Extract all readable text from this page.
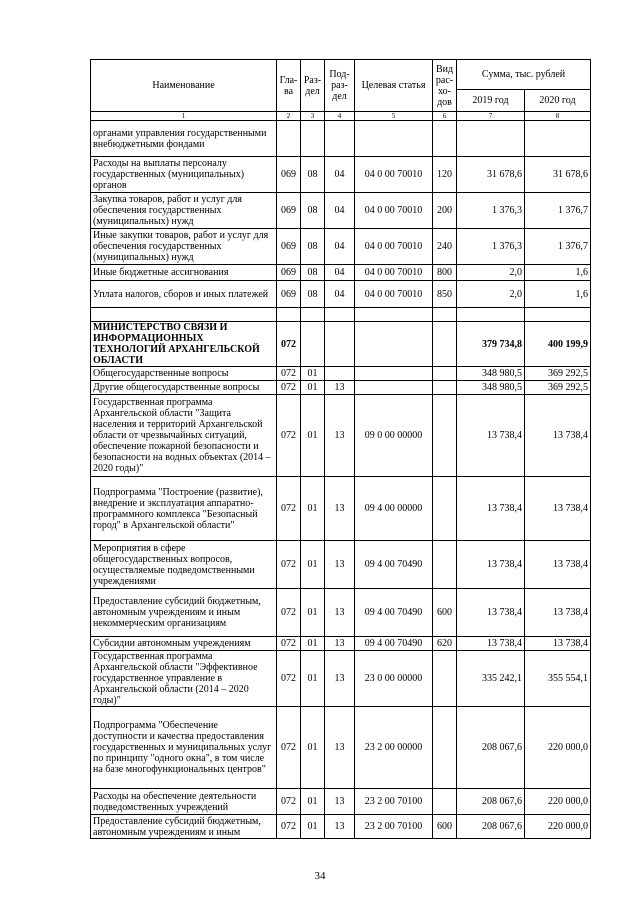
Наименование	Гла-ва	Раз-дел	Под-раз-дел	Целевая статья	Вид рас-хо-дов	Сумма, тыс. рублей	
						2019 год	2020 год
1	2	3	4	5	6	7	8
органами управления государственными внебюджетными фондами							
Расходы на выплаты персоналу государственных (муниципальных) органов	069	08	04	04 0 00 70010	120	31 678,6	31 678,6
Закупка товаров, работ и услуг для обеспечения государственных (муниципальных) нужд	069	08	04	04 0 00 70010	200	1 376,3	1 376,7
Иные закупки товаров, работ и услуг для обеспечения государственных (муниципальных) нужд	069	08	04	04 0 00 70010	240	1 376,3	1 376,7
Иные бюджетные ассигнования	069	08	04	04 0 00 70010	800	2,0	1,6
Уплата налогов, сборов и иных платежей	069	08	04	04 0 00 70010	850	2,0	1,6

МИНИСТЕРСТВО СВЯЗИ И ИНФОРМАЦИОННЫХ ТЕХНОЛОГИЙ АРХАНГЕЛЬСКОЙ ОБЛАСТИ	072					379 734,8	400 199,9
Общегосударственные вопросы	072	01				348 980,5	369 292,5
Другие общегосударственные вопросы	072	01	13			348 980,5	369 292,5
Государственная программа Архангельской области "Защита населения и территорий Архангельской области от чрезвычайных ситуаций, обеспечение пожарной безопасности и безопасности на водных объектах (2014 – 2020 годы)"	072	01	13	09 0 00 00000		13 738,4	13 738,4
Подпрограмма "Построение (развитие), внедрение и эксплуатация аппаратно-программного комплекса "Безопасный город" в Архангельской области"	072	01	13	09 4 00 00000		13 738,4	13 738,4
Мероприятия в сфере общегосударственных вопросов, осуществляемые подведомственными учреждениями	072	01	13	09 4 00 70490		13 738,4	13 738,4
Предоставление субсидий бюджетным, автономным учреждениям и иным некоммерческим организациям	072	01	13	09 4 00 70490	600	13 738,4	13 738,4
Субсидии автономным учреждениям	072	01	13	09 4 00 70490	620	13 738,4	13 738,4
Государственная программа Архангельской области "Эффективное государственное управление в Архангельской области (2014 – 2020 годы)"	072	01	13	23 0 00 00000		335 242,1	355 554,1
Подпрограмма "Обеспечение доступности и качества предоставления государственных и муниципальных услуг по принципу "одного окна", в том числе на базе многофункциональных центров"	072	01	13	23 2 00 00000		208 067,6	220 000,0
Расходы на обеспечение деятельности подведомственных учреждений	072	01	13	23 2 00 70100		208 067,6	220 000,0
Предоставление субсидий бюджетным, автономным учреждениям и иным	072	01	13	23 2 00 70100	600	208 067,6	220 000,0
34
